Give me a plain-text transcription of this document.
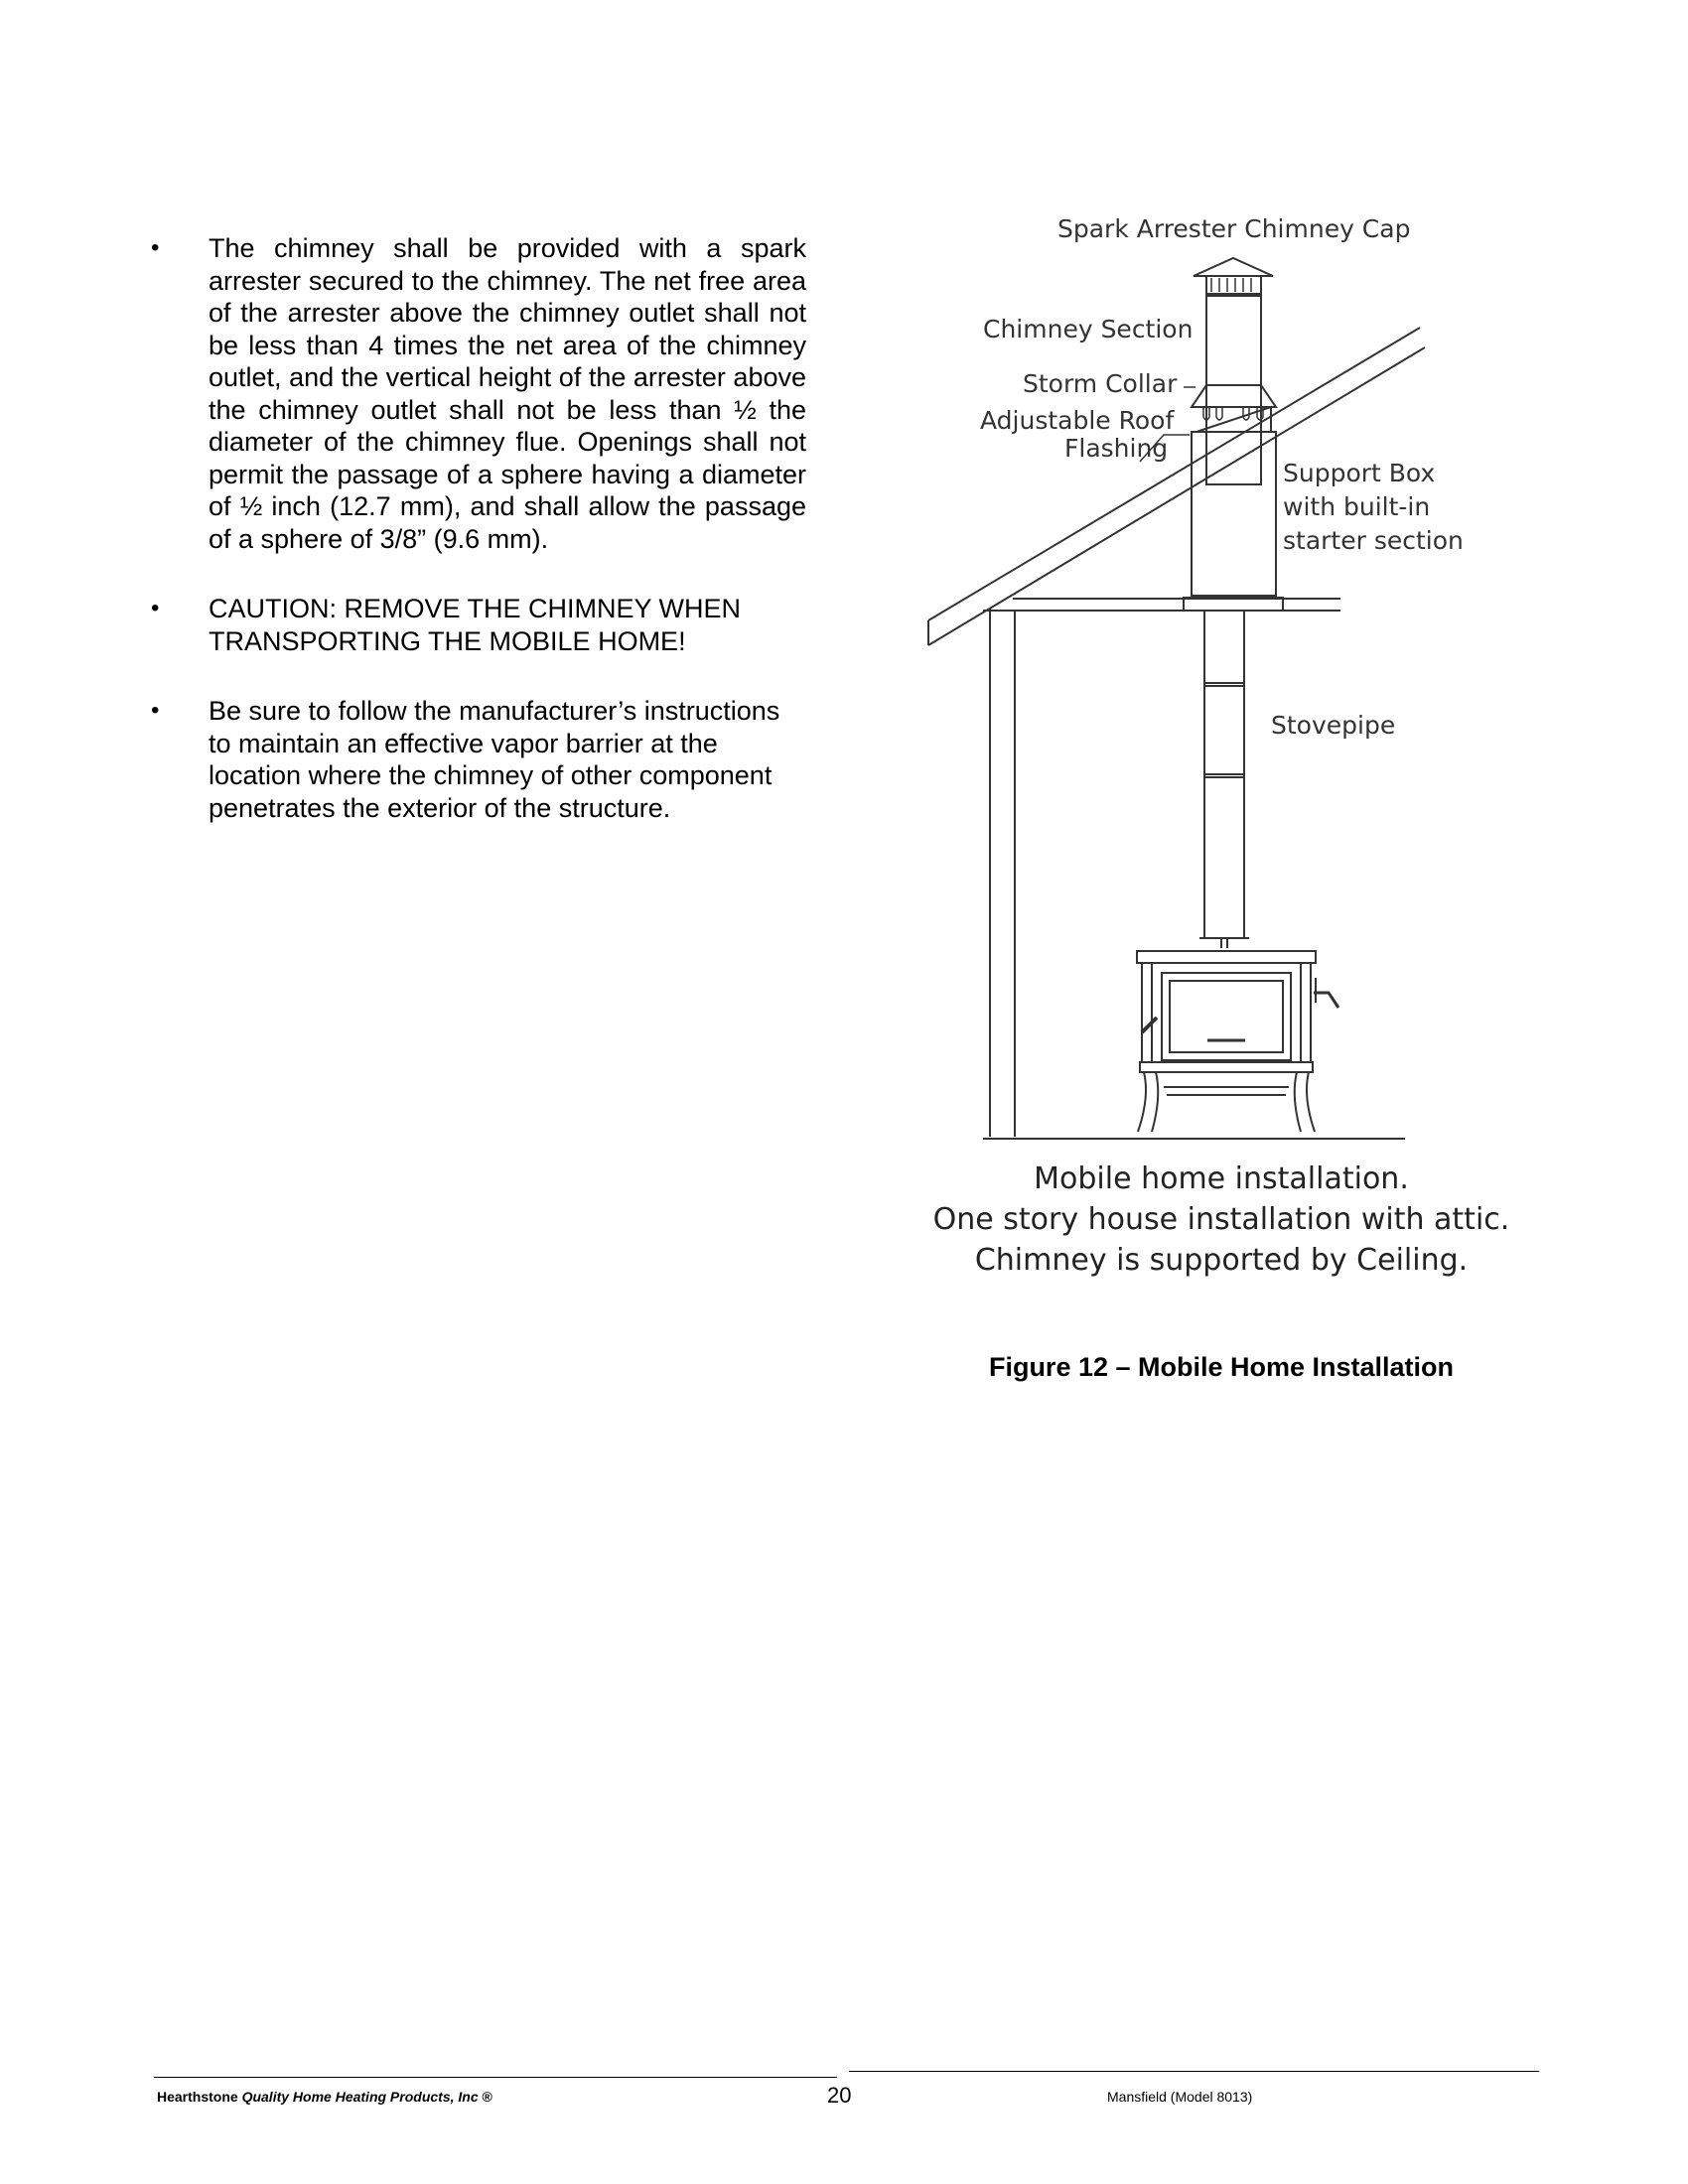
•	The chimney shall be provided with a spark arrester secured to the chimney. The net free area of the arrester above the chimney outlet shall not be less than 4 times the net area of the chimney outlet, and the vertical height of the arrester above the chimney outlet shall not be less than ½ the diameter of the chimney flue. Openings shall not permit the passage of a sphere having a diameter of ½ inch (12.7 mm), and shall allow the passage of a sphere of 3/8” (9.6 mm).
•	CAUTION: REMOVE THE CHIMNEY WHEN TRANSPORTING THE MOBILE HOME!
•	Be sure to follow the manufacturer’s instructions to maintain an effective vapor barrier at the location where the chimney of other component penetrates the exterior of the structure.
Spark Arrester Chimney Cap
Chimney Section
Storm Collar
Adjustable Roof
Flashing
Support Box
with built-in
starter section
Stovepipe
Mobile home installation.
One story house installation with attic.
Chimney is supported by Ceiling.
Figure 12 – Mobile Home Installation
Hearthstone Quality Home Heating Products, Inc ®	20	Mansfield (Model 8013)
